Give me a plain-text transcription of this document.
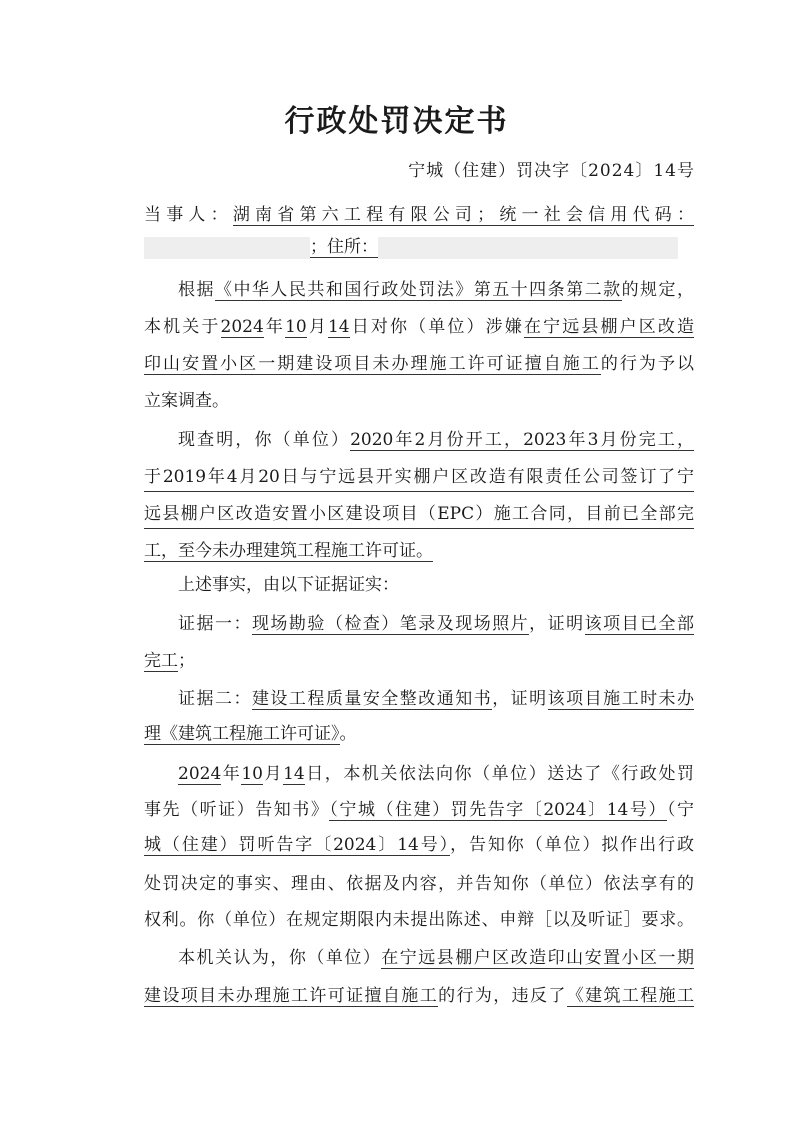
行政处罚决定书
宁城（住建）罚决字〔2024〕14号
当事人：湖南省第六工程有限公司；统一社会信用代码：
；住所：
根据《中华人民共和国行政处罚法》第五十四条第二款的规定，
本机关于2024年10月14日对你（单位）涉嫌在宁远县棚户区改造
印山安置小区一期建设项目未办理施工许可证擅自施工的行为予以
立案调查。
现查明，你（单位）2020年2月份开工，2023年3月份完工，
于2019年4月20日与宁远县开实棚户区改造有限责任公司签订了宁
远县棚户区改造安置小区建设项目（EPC）施工合同，目前已全部完
工，至今未办理建筑工程施工许可证。
上述事实，由以下证据证实：
证据一：现场勘验（检查）笔录及现场照片，证明该项目已全部
完工；
证据二：建设工程质量安全整改通知书，证明该项目施工时未办
理《建筑工程施工许可证》。
2024年10月14日，本机关依法向你（单位）送达了《行政处罚
事先（听证）告知书》（宁城（住建）罚先告字〔2024〕14号）（宁
城（住建）罚听告字〔2024〕14号），告知你（单位）拟作出行政
处罚决定的事实、理由、依据及内容，并告知你（单位）依法享有的
权利。你（单位）在规定期限内未提出陈述、申辩［以及听证］要求。
本机关认为，你（单位）在宁远县棚户区改造印山安置小区一期
建设项目未办理施工许可证擅自施工的行为，违反了《建筑工程施工
